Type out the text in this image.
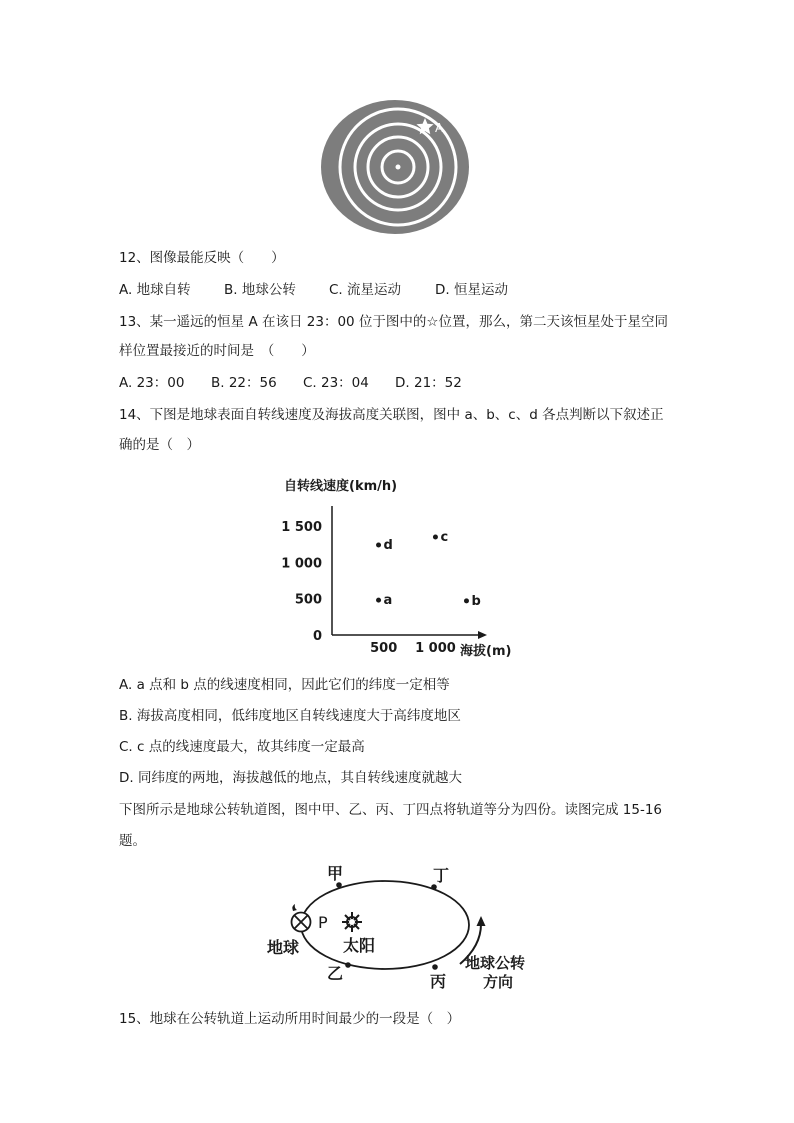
A
12、图像最能反映（　　）
A. 地球自转 B. 地球公转 C. 流星运动	D. 恒星运动
13、某一遥远的恒星 A 在该日 23：00 位于图中的☆位置，那么，第二天该恒星处于星空同
样位置最接近的时间是　（　　）
A. 23：00 B. 22：56 C. 23：04 D. 21：52
14、下图是地球表面自转线速度及海拔高度关联图，图中 a、b、c、d 各点判断以下叙述正
确的是（　）
自转线速度(km/h)
海拔(m)
0
500
1 000
1 500
500 1 000
a
d
c
b
A. a 点和 b 点的线速度相同，因此它们的纬度一定相等
B. 海拔高度相同，低纬度地区自转线速度大于高纬度地区
C. c 点的线速度最大，故其纬度一定最高
D. 同纬度的两地，海拔越低的地点，其自转线速度就越大
下图所示是地球公转轨道图，图中甲、乙、丙、丁四点将轨道等分为四份。读图完成 15-16
题。
甲	丁
乙	丙
P
地球	太阳
地球公转
方向
15、地球在公转轨道上运动所用时间最少的一段是（　）
